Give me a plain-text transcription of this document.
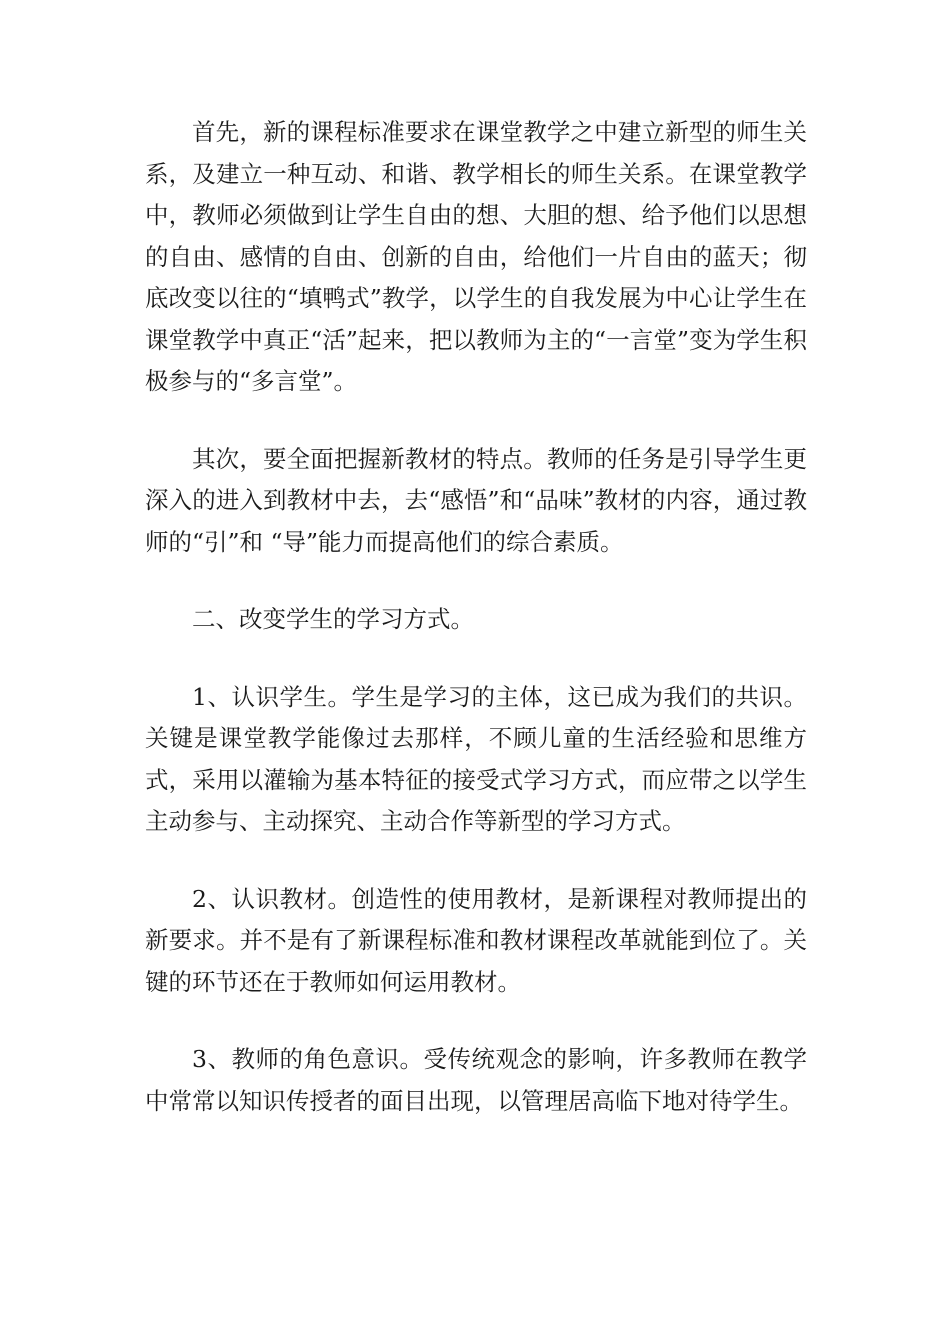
首先，新的课程标准要求在课堂教学之中建立新型的师生关系，及建立一种互动、和谐、教学相长的师生关系。在课堂教学中，教师必须做到让学生自由的想、大胆的想、给予他们以思想的自由、感情的自由、创新的自由，给他们一片自由的蓝天；彻底改变以往的“填鸭式”教学，以学生的自我发展为中心让学生在课堂教学中真正“活”起来，把以教师为主的“一言堂”变为学生积极参与的“多言堂”。

其次，要全面把握新教材的特点。教师的任务是引导学生更深入的进入到教材中去，去“感悟”和“品味”教材的内容，通过教师的“引”和 “导”能力而提高他们的综合素质。

二、改变学生的学习方式。

1、认识学生。学生是学习的主体，这已成为我们的共识。关键是课堂教学能像过去那样，不顾儿童的生活经验和思维方式，采用以灌输为基本特征的接受式学习方式，而应带之以学生主动参与、主动探究、主动合作等新型的学习方式。

2、认识教材。创造性的使用教材，是新课程对教师提出的新要求。并不是有了新课程标准和教材课程改革就能到位了。关键的环节还在于教师如何运用教材。

3、教师的角色意识。受传统观念的影响，许多教师在教学中常常以知识传授者的面目出现，以管理居高临下地对待学生。
